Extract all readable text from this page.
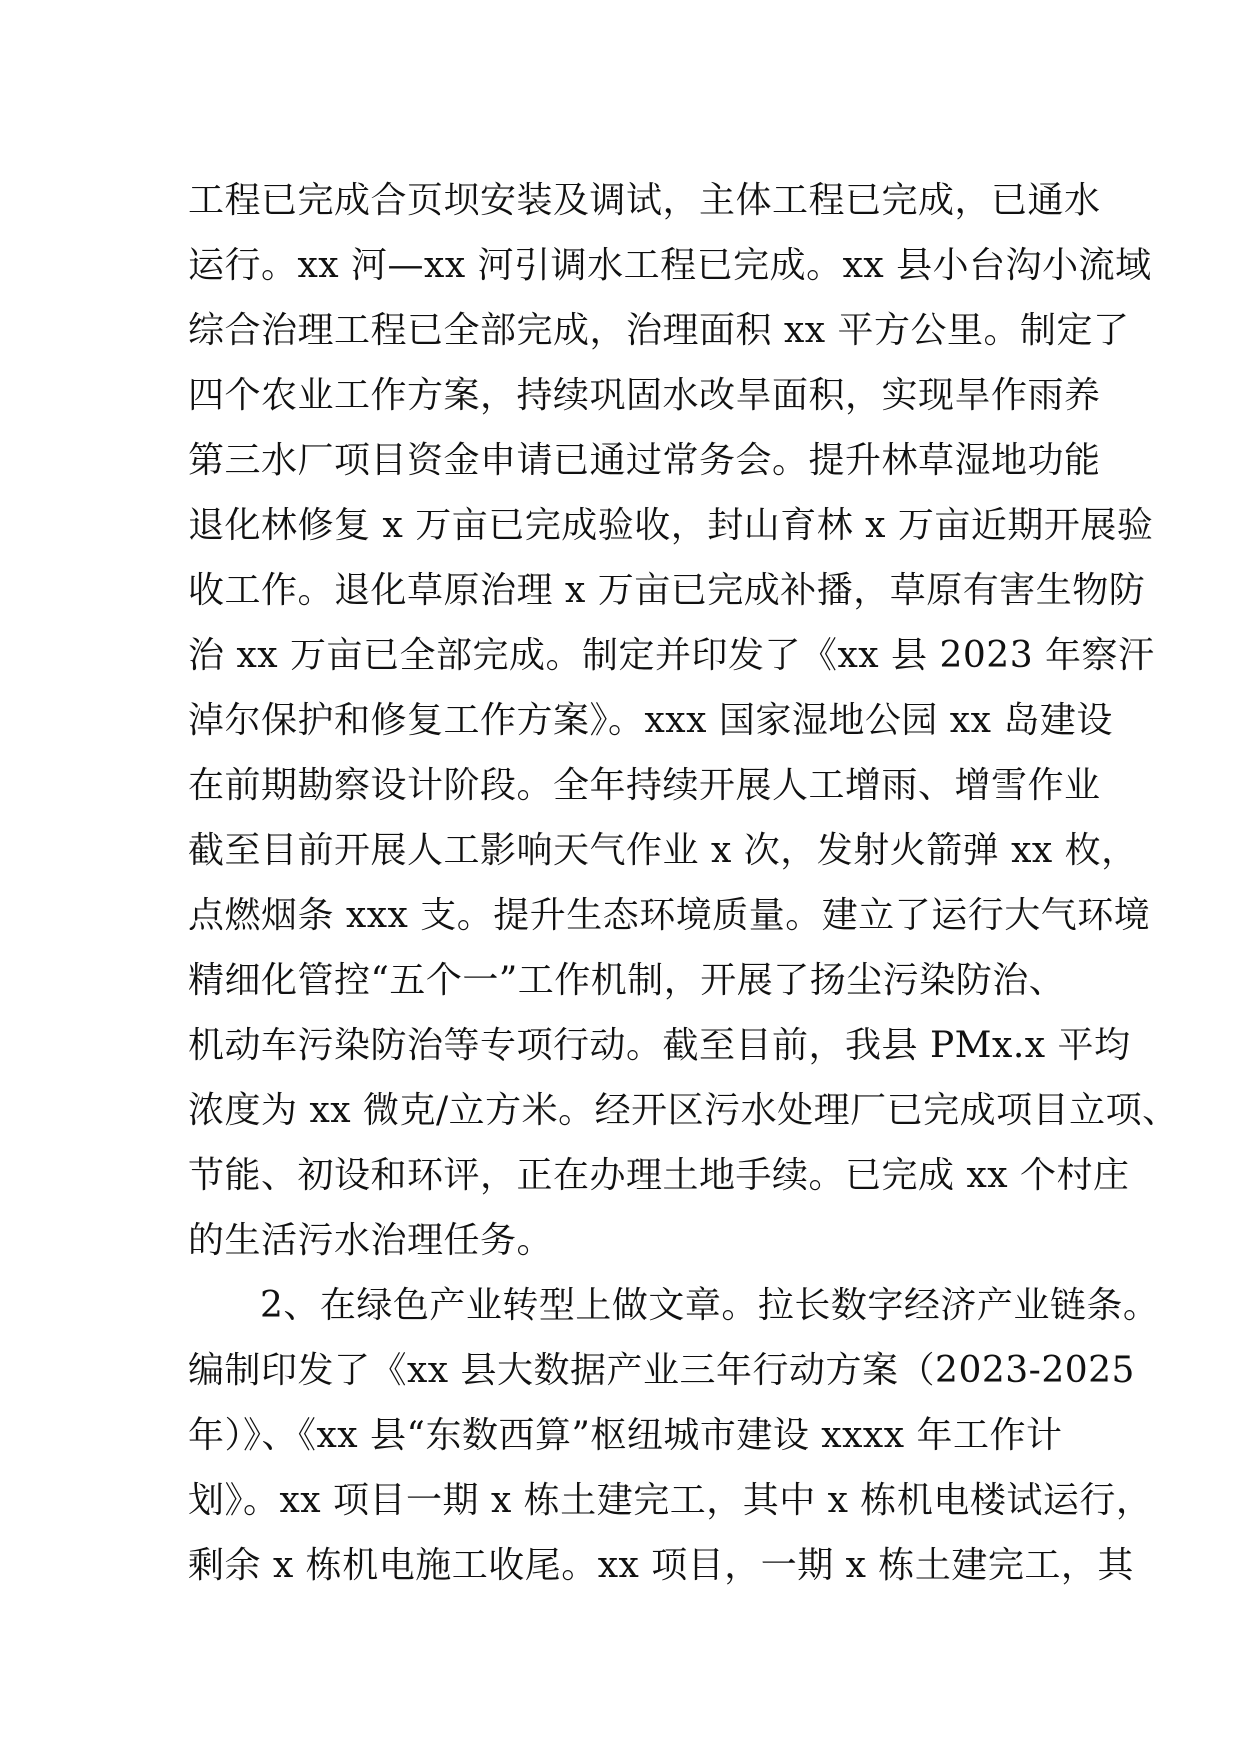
工程已完成合页坝安装及调试，主体工程已完成，已通水
运行。xx 河—xx 河引调水工程已完成。xx 县小台沟小流域
综合治理工程已全部完成，治理面积 xx 平方公里。制定了
四个农业工作方案，持续巩固水改旱面积，实现旱作雨养
第三水厂项目资金申请已通过常务会。提升林草湿地功能
退化林修复 x 万亩已完成验收，封山育林 x 万亩近期开展验
收工作。退化草原治理 x 万亩已完成补播，草原有害生物防
治 xx 万亩已全部完成。制定并印发了《xx 县 2023 年察汗
淖尔保护和修复工作方案》。xxx 国家湿地公园 xx 岛建设
在前期勘察设计阶段。全年持续开展人工增雨、增雪作业
截至目前开展人工影响天气作业 x 次，发射火箭弹 xx 枚，
点燃烟条 xxx 支。提升生态环境质量。建立了运行大气环境
精细化管控“五个一”工作机制，开展了扬尘污染防治、
机动车污染防治等专项行动。截至目前，我县 PMx.x 平均
浓度为 xx 微克/立方米。经开区污水处理厂已完成项目立项、
节能、初设和环评，正在办理土地手续。已完成 xx 个村庄
的生活污水治理任务。
2、在绿色产业转型上做文章。拉长数字经济产业链条。
编制印发了《xx 县大数据产业三年行动方案（2023-2025
年）》、《xx 县“东数西算”枢纽城市建设 xxxx 年工作计
划》。xx 项目一期 x 栋土建完工，其中 x 栋机电楼试运行，
剩余 x 栋机电施工收尾。xx 项目，一期 x 栋土建完工，其
